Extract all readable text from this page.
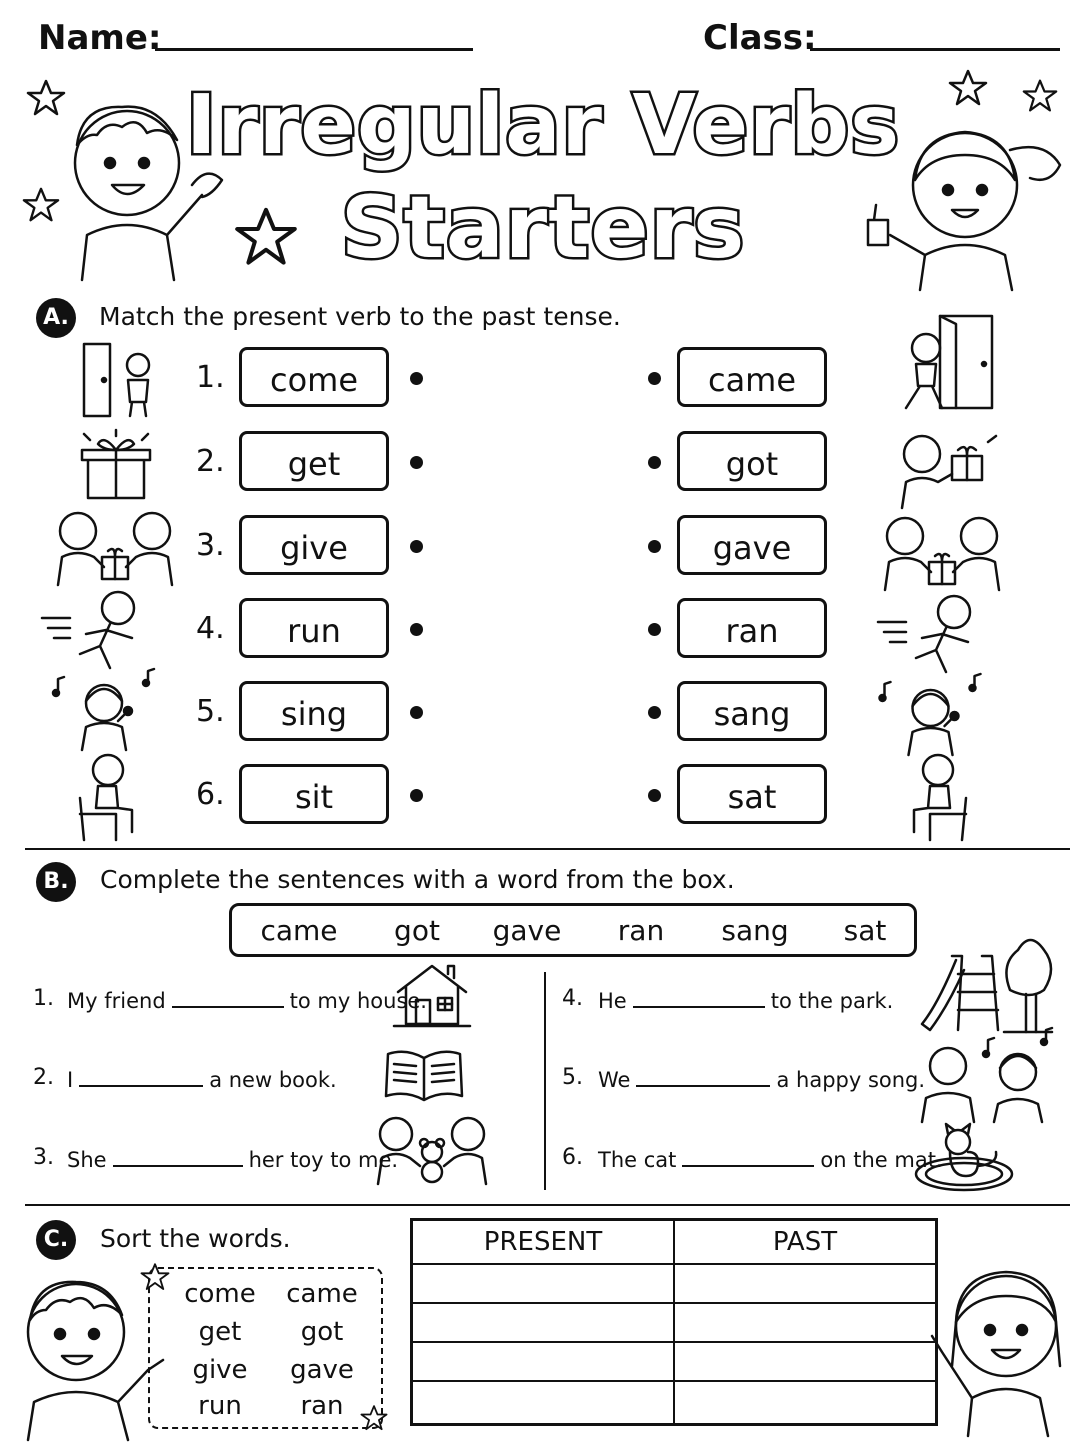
Name:	Class:
Irregular Verbs
Starters
A. Match the present verb to the past tense.
1.	come	came
2.	get	got
3.	give	gave
4.	run	ran
5.	sing	sang
6.	sit	sat
B. Complete the sentences with a word from the box.
came	got	gave	ran	sang	sat
1. My friend	to my house.
2. I	a new book.
3. She	her toy to me.
4. He	to the park.
5. We	a happy song.
6. The cat	on the mat.
C.	Sort the words.
come	came
get	got
give	gave
run	ran
PRESENT	PAST
